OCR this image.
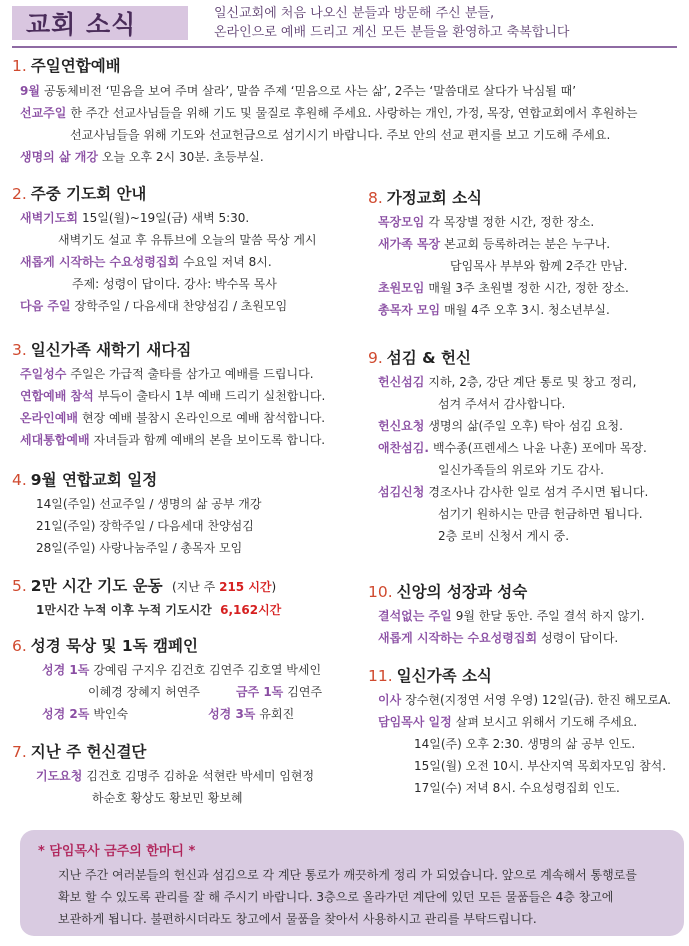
교회 소식	일신교회에 처음 나오신 분들과 방문해 주신 분들,
온라인으로 예배 드리고 계신 모든 분들을 환영하고 축복합니다
1. 주일연합예배
9월 공동체비전 ‘믿음을 보여 주며 살라’, 말씀 주제 ‘믿음으로 사는 삶’, 2주는 ‘말씀대로 살다가 낙심될 때’
선교주일 한 주간 선교사님들을 위해 기도 및 물질로 후원해 주세요. 사랑하는 개인, 가정, 목장, 연합교회에서 후원하는
선교사님들을 위해 기도와 선교헌금으로 섬기시기 바랍니다. 주보 안의 선교 편지를 보고 기도해 주세요.
생명의 삶 개강 오늘 오후 2시 30분. 초등부실.
2. 주중 기도회 안내
새벽기도회 15일(월)~19일(금) 새벽 5:30.
새벽기도 설교 후 유튜브에 오늘의 말씀 묵상 게시
새롭게 시작하는 수요성령집회 수요일 저녁 8시.
주제: 성령이 답이다. 강사: 박수목 목사
다음 주일 장학주일 / 다음세대 찬양섬김 / 초원모임
3. 일신가족 새학기 새다짐
주일성수 주일은 가급적 출타를 삼가고 예배를 드립니다.
연합예배 참석 부득이 출타시 1부 예배 드리기 실천합니다.
온라인예배 현장 예배 불참시 온라인으로 예배 참석합니다.
세대통합예배 자녀들과 함께 예배의 본을 보이도록 합니다.
4. 9월 연합교회 일정
14일(주일) 선교주일 / 생명의 삶 공부 개강
21일(주일) 장학주일 / 다음세대 찬양섬김
28일(주일) 사랑나눔주일 / 총목자 모임
5. 2만 시간 기도 운동 (지난 주 215 시간)
1만시간 누적 이후 누적 기도시간 6,162시간
6. 성경 묵상 및 1독 캠페인
성경 1독 강예림 구지우 김건호 김연주 김호열 박세인
이혜경 장혜지 허연주	금주 1독 김연주
성경 2독 박인숙	성경 3독 유회진
7. 지난 주 헌신결단
기도요청 김건호 김명주 김하윤 석현란 박세미 임현정
하순호 황상도 황보민 황보혜
8. 가정교회 소식
목장모임 각 목장별 정한 시간, 정한 장소.
새가족 목장 본교회 등록하려는 분은 누구나.
담임목사 부부와 함께 2주간 만남.
초원모임 매월 3주 초원별 정한 시간, 정한 장소.
총목자 모임 매월 4주 오후 3시. 청소년부실.
9. 섬김 & 헌신
헌신섬김 지하, 2층, 강단 계단 통로 및 창고 정리,
섬겨 주셔서 감사합니다.
헌신요청 생명의 삶(주일 오후) 탁아 섬김 요청.
애찬섬김. 백수종(프렌세스 나윤 나훈) 포에마 목장.
일신가족들의 위로와 기도 감사.
섬김신청 경조사나 감사한 일로 섬겨 주시면 됩니다.
섬기기 원하시는 만큼 헌금하면 됩니다.
2층 로비 신청서 게시 중.
10. 신앙의 성장과 성숙
결석없는 주일 9월 한달 동안. 주일 결석 하지 않기.
새롭게 시작하는 수요성령집회 성령이 답이다.
11. 일신가족 소식
이사 장수현(지정연 서영 우영) 12일(금). 한진 해모로A.
담임목사 일정 살펴 보시고 위해서 기도해 주세요.
14일(주) 오후 2:30. 생명의 삶 공부 인도.
15일(월) 오전 10시. 부산지역 목회자모임 참석.
17일(수) 저녁 8시. 수요성령집회 인도.
* 담임목사 금주의 한마디 *
지난 주간 여러분들의 헌신과 섬김으로 각 계단 통로가 깨끗하게 정리 가 되었습니다. 앞으로 계속해서 통행로를
확보 할 수 있도록 관리를 잘 해 주시기 바랍니다. 3층으로 올라가던 계단에 있던 모든 물품들은 4층 창고에
보관하게 됩니다. 불편하시더라도 창고에서 물품을 찾아서 사용하시고 관리를 부탁드립니다.
